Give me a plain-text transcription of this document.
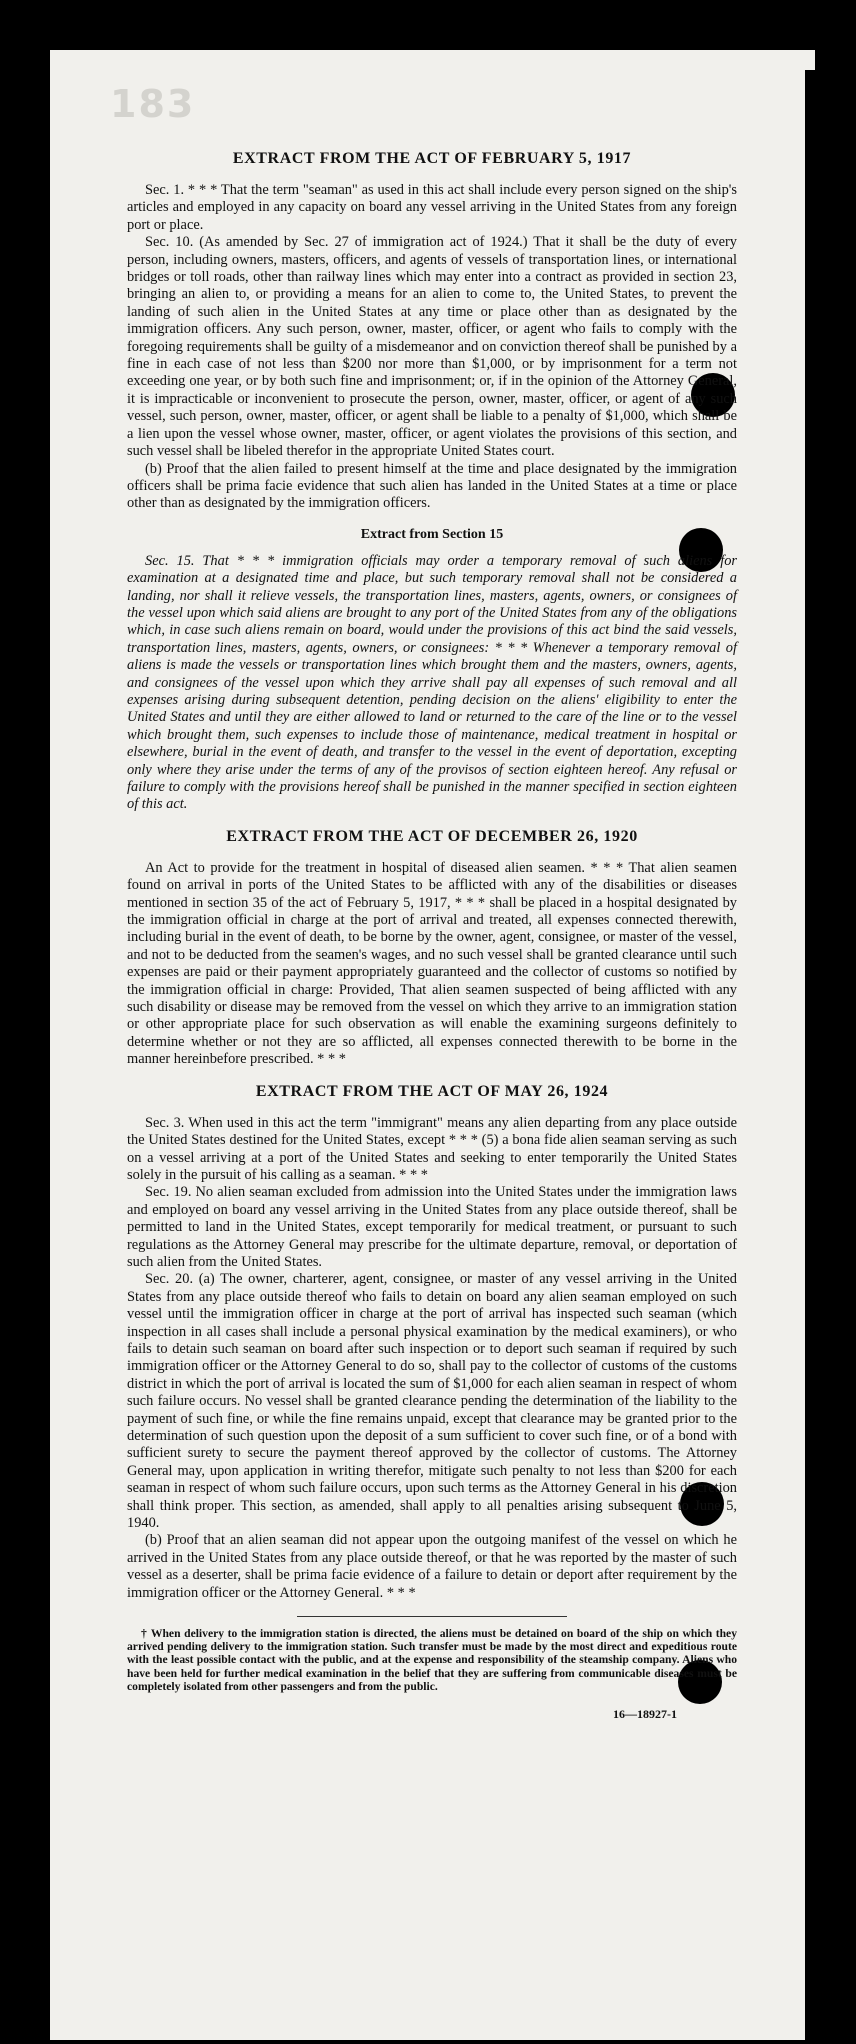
183
EXTRACT FROM THE ACT OF FEBRUARY 5, 1917

Sec. 1. * * * That the term "seaman" as used in this act shall include every person signed on the ship's articles and employed in any capacity on board any vessel arriving in the United States from any foreign port or place.

Sec. 10. (As amended by Sec. 27 of immigration act of 1924.) That it shall be the duty of every person, including owners, masters, officers, and agents of vessels of transportation lines, or international bridges or toll roads, other than railway lines which may enter into a contract as provided in section 23, bringing an alien to, or providing a means for an alien to come to, the United States, to prevent the landing of such alien in the United States at any time or place other than as designated by the immigration officers. Any such person, owner, master, officer, or agent who fails to comply with the foregoing requirements shall be guilty of a misdemeanor and on conviction thereof shall be punished by a fine in each case of not less than $200 nor more than $1,000, or by imprisonment for a term not exceeding one year, or by both such fine and imprisonment; or, if in the opinion of the Attorney General, it is impracticable or inconvenient to prosecute the person, owner, master, officer, or agent of any such vessel, such person, owner, master, officer, or agent shall be liable to a penalty of $1,000, which shall be a lien upon the vessel whose owner, master, officer, or agent violates the provisions of this section, and such vessel shall be libeled therefor in the appropriate United States court.

(b) Proof that the alien failed to present himself at the time and place designated by the immigration officers shall be prima facie evidence that such alien has landed in the United States at a time or place other than as designated by the immigration officers.

Extract from Section 15

Sec. 15. That * * * immigration officials may order a temporary removal of such aliens for examination at a designated time and place, but such temporary removal shall not be considered a landing, nor shall it relieve vessels, the transportation lines, masters, agents, owners, or consignees of the vessel upon which said aliens are brought to any port of the United States from any of the obligations which, in case such aliens remain on board, would under the provisions of this act bind the said vessels, transportation lines, masters, agents, owners, or consignees: * * * Whenever a temporary removal of aliens is made the vessels or transportation lines which brought them and the masters, owners, agents, and consignees of the vessel upon which they arrive shall pay all expenses of such removal and all expenses arising during subsequent detention, pending decision on the aliens' eligibility to enter the United States and until they are either allowed to land or returned to the care of the line or to the vessel which brought them, such expenses to include those of maintenance, medical treatment in hospital or elsewhere, burial in the event of death, and transfer to the vessel in the event of deportation, excepting only where they arise under the terms of any of the provisos of section eighteen hereof. Any refusal or failure to comply with the provisions hereof shall be punished in the manner specified in section eighteen of this act.

EXTRACT FROM THE ACT OF DECEMBER 26, 1920

An Act to provide for the treatment in hospital of diseased alien seamen. * * * That alien seamen found on arrival in ports of the United States to be afflicted with any of the disabilities or diseases mentioned in section 35 of the act of February 5, 1917, * * * shall be placed in a hospital designated by the immigration official in charge at the port of arrival and treated, all expenses connected therewith, including burial in the event of death, to be borne by the owner, agent, consignee, or master of the vessel, and not to be deducted from the seamen's wages, and no such vessel shall be granted clearance until such expenses are paid or their payment appropriately guaranteed and the collector of customs so notified by the immigration official in charge: Provided, That alien seamen suspected of being afflicted with any such disability or disease may be removed from the vessel on which they arrive to an immigration station or other appropriate place for such observation as will enable the examining surgeons definitely to determine whether or not they are so afflicted, all expenses connected therewith to be borne in the manner hereinbefore prescribed. * * *

EXTRACT FROM THE ACT OF MAY 26, 1924

Sec. 3. When used in this act the term "immigrant" means any alien departing from any place outside the United States destined for the United States, except * * * (5) a bona fide alien seaman serving as such on a vessel arriving at a port of the United States and seeking to enter temporarily the United States solely in the pursuit of his calling as a seaman. * * *

Sec. 19. No alien seaman excluded from admission into the United States under the immigration laws and employed on board any vessel arriving in the United States from any place outside thereof, shall be permitted to land in the United States, except temporarily for medical treatment, or pursuant to such regulations as the Attorney General may prescribe for the ultimate departure, removal, or deportation of such alien from the United States.

Sec. 20. (a) The owner, charterer, agent, consignee, or master of any vessel arriving in the United States from any place outside thereof who fails to detain on board any alien seaman employed on such vessel until the immigration officer in charge at the port of arrival has inspected such seaman (which inspection in all cases shall include a personal physical examination by the medical examiners), or who fails to detain such seaman on board after such inspection or to deport such seaman if required by such immigration officer or the Attorney General to do so, shall pay to the collector of customs of the customs district in which the port of arrival is located the sum of $1,000 for each alien seaman in respect of whom such failure occurs. No vessel shall be granted clearance pending the determination of the liability to the payment of such fine, or while the fine remains unpaid, except that clearance may be granted prior to the determination of such question upon the deposit of a sum sufficient to cover such fine, or of a bond with sufficient surety to secure the payment thereof approved by the collector of customs. The Attorney General may, upon application in writing therefor, mitigate such penalty to not less than $200 for each seaman in respect of whom such failure occurs, upon such terms as the Attorney General in his discretion shall think proper. This section, as amended, shall apply to all penalties arising subsequent to June 5, 1940.

(b) Proof that an alien seaman did not appear upon the outgoing manifest of the vessel on which he arrived in the United States from any place outside thereof, or that he was reported by the master of such vessel as a deserter, shall be prima facie evidence of a failure to detain or deport after requirement by the immigration officer or the Attorney General. * * *

† When delivery to the immigration station is directed, the aliens must be detained on board of the ship on which they arrived pending delivery to the immigration station. Such transfer must be made by the most direct and expeditious route with the least possible contact with the public, and at the expense and responsibility of the steamship company. Aliens who have been held for further medical examination in the belief that they are suffering from communicable diseases must be completely isolated from other passengers and from the public.

16—18927-1
